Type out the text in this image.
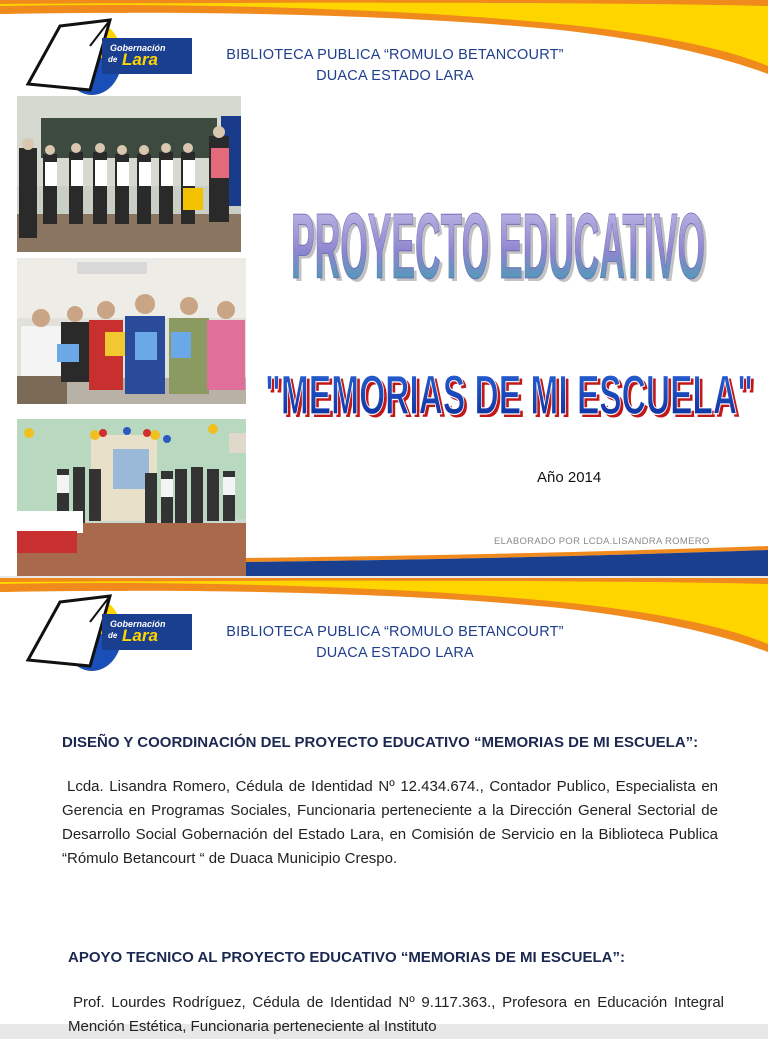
Gobernación
de Lara	BIBLIOTECA PUBLICA “ROMULO BETANCOURT”
DUACA ESTADO LARA
PROYECTO EDUCATIVO
PROYECTO EDUCATIVO
"MEMORIAS DE MI ESCUELA"
"MEMORIAS DE MI ESCUELA"
Año 2014
ELABORADO POR LCDA.LISANDRA ROMERO
Gobernación
de Lara	BIBLIOTECA PUBLICA “ROMULO BETANCOURT”
DUACA ESTADO LARA
DISEÑO Y COORDINACIÓN DEL PROYECTO EDUCATIVO “MEMORIAS DE MI ESCUELA”:
Lcda. Lisandra Romero, Cédula de Identidad Nº 12.434.674., Contador Publico, Especialista en Gerencia en Programas Sociales, Funcionaria perteneciente a la Dirección General Sectorial de Desarrollo Social Gobernación del Estado Lara, en Comisión de Servicio en la Biblioteca Publica “Rómulo Betancourt “ de Duaca Municipio Crespo.
APOYO TECNICO AL PROYECTO EDUCATIVO “MEMORIAS DE MI ESCUELA”:
Prof. Lourdes Rodríguez, Cédula de Identidad Nº 9.117.363., Profesora en Educación Integral Mención Estética, Funcionaria perteneciente al Instituto
